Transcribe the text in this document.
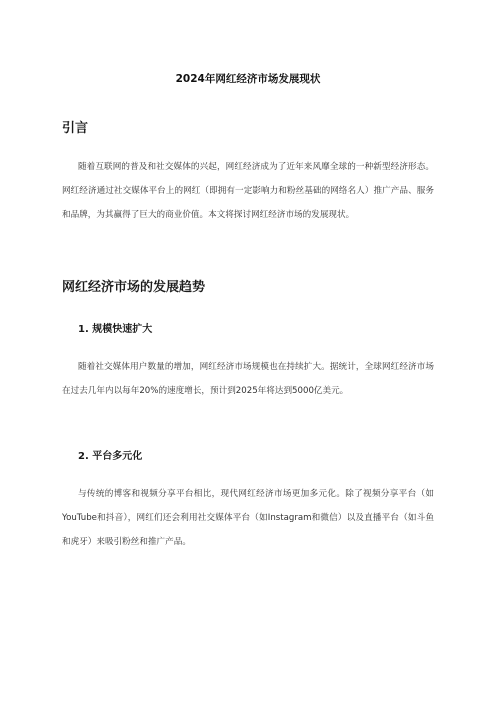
2024年网红经济市场发展现状
引言
随着互联网的普及和社交媒体的兴起，网红经济成为了近年来风靡全球的一种新型经济形态。网红经济通过社交媒体平台上的网红（即拥有一定影响力和粉丝基础的网络名人）推广产品、服务和品牌，为其赢得了巨大的商业价值。本文将探讨网红经济市场的发展现状。
网红经济市场的发展趋势
1. 规模快速扩大
随着社交媒体用户数量的增加，网红经济市场规模也在持续扩大。据统计，全球网红经济市场在过去几年内以每年20%的速度增长，预计到2025年将达到5000亿美元。
2. 平台多元化
与传统的博客和视频分享平台相比，现代网红经济市场更加多元化。除了视频分享平台（如YouTube和抖音），网红们还会利用社交媒体平台（如Instagram和微信）以及直播平台（如斗鱼和虎牙）来吸引粉丝和推广产品。
